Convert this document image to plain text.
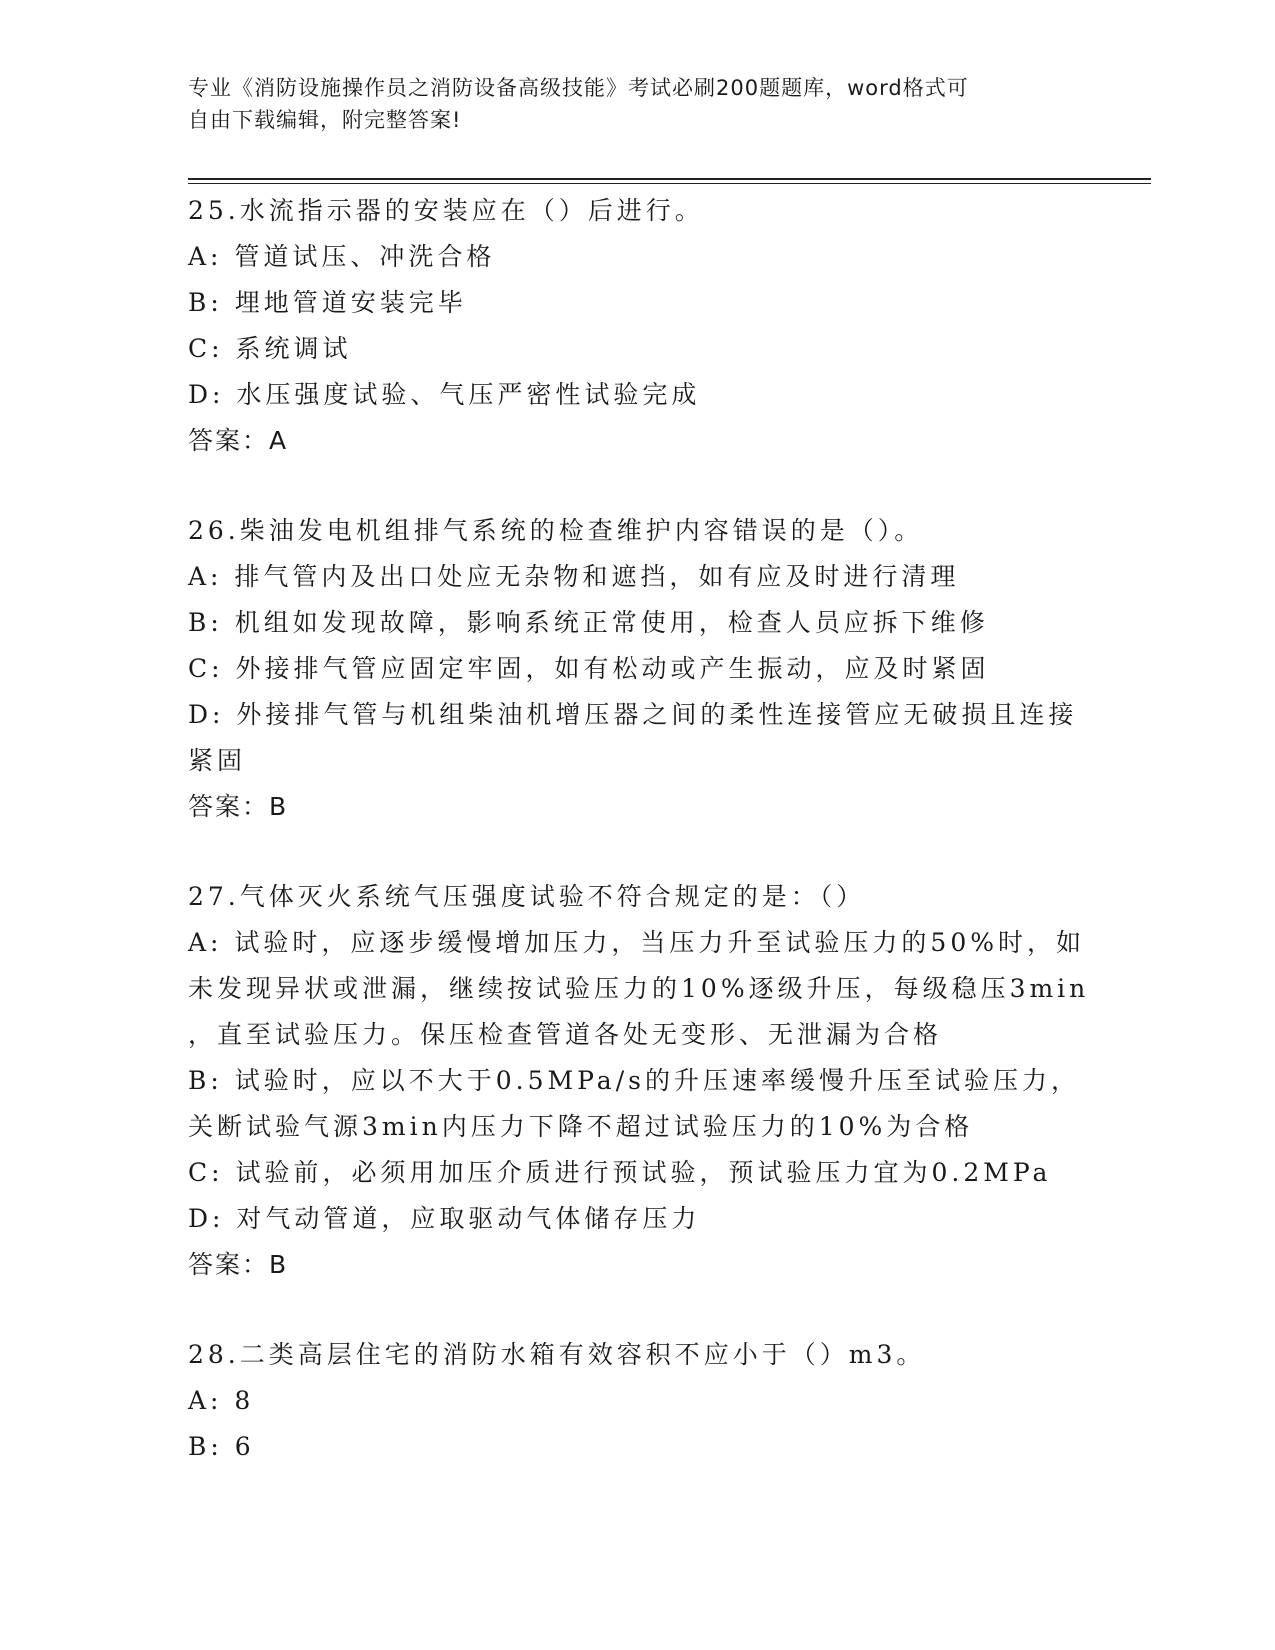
专业《消防设施操作员之消防设备高级技能》考试必刷200题题库，word格式可
自由下载编辑，附完整答案!
25.水流指示器的安装应在（）后进行。
A: 管道试压、冲洗合格
B: 埋地管道安装完毕
C: 系统调试
D: 水压强度试验、气压严密性试验完成
答案：A
26.柴油发电机组排气系统的检查维护内容错误的是（）。
A: 排气管内及出口处应无杂物和遮挡，如有应及时进行清理
B: 机组如发现故障，影响系统正常使用，检查人员应拆下维修
C: 外接排气管应固定牢固，如有松动或产生振动，应及时紧固
D: 外接排气管与机组柴油机增压器之间的柔性连接管应无破损且连接
紧固
答案：B
27.气体灭火系统气压强度试验不符合规定的是：（）
A: 试验时，应逐步缓慢增加压力，当压力升至试验压力的50%时，如
未发现异状或泄漏，继续按试验压力的10%逐级升压，每级稳压3min
，直至试验压力。保压检查管道各处无变形、无泄漏为合格
B: 试验时，应以不大于0.5MPa/s的升压速率缓慢升压至试验压力，
关断试验气源3min内压力下降不超过试验压力的10%为合格
C: 试验前，必须用加压介质进行预试验，预试验压力宜为0.2MPa
D: 对气动管道，应取驱动气体储存压力
答案：B
28.二类高层住宅的消防水箱有效容积不应小于（）m3。
A: 8
B: 6
